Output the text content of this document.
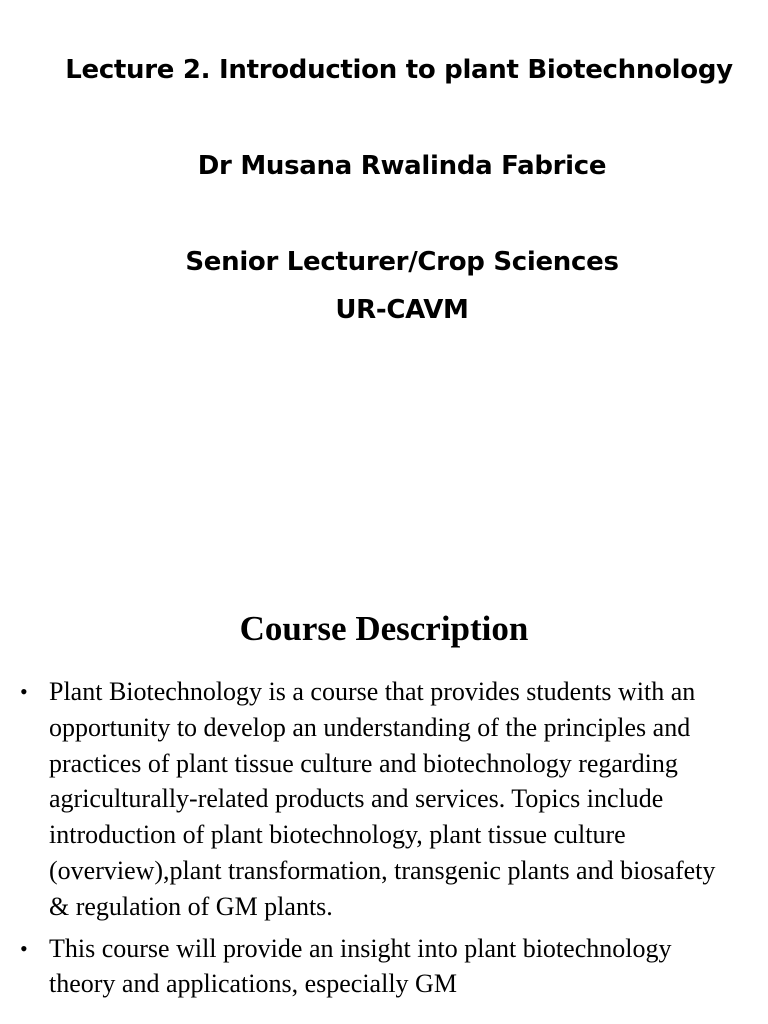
Lecture 2. Introduction to plant Biotechnology
Dr Musana Rwalinda Fabrice
Senior Lecturer/Crop Sciences
UR-CAVM
Course Description
• Plant Biotechnology is a course that provides students with an opportunity to develop an understanding of the principles and practices of plant tissue culture and biotechnology regarding agriculturally-related products and services. Topics include introduction of plant biotechnology, plant tissue culture (overview),plant transformation, transgenic plants and biosafety & regulation of GM plants.
• This course will provide an insight into plant biotechnology theory and applications, especially GM
